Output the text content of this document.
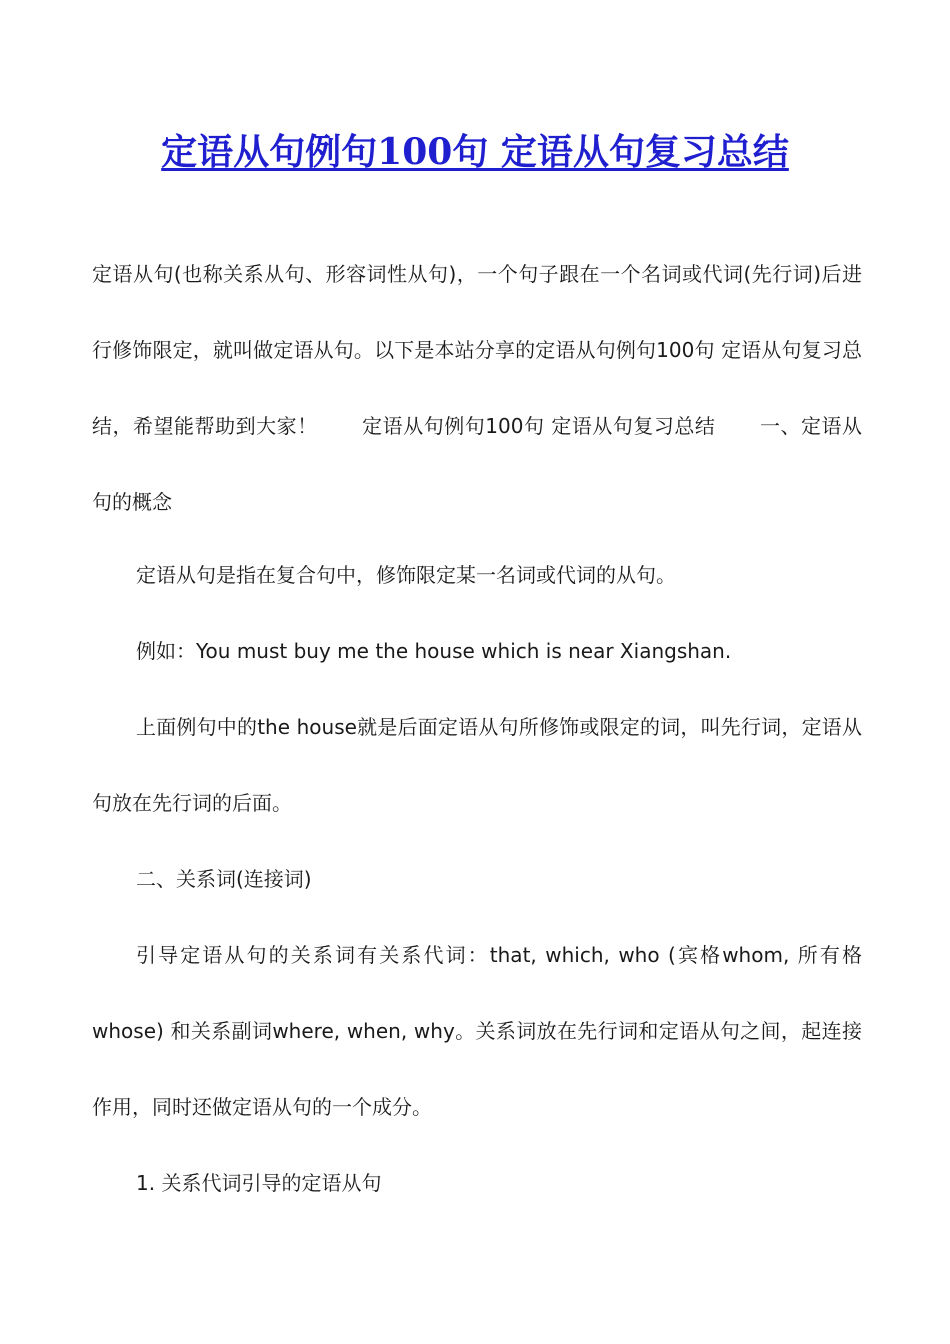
定语从句例句100句 定语从句复习总结

定语从句(也称关系从句、形容词性从句)，一个句子跟在一个名词或代词(先行词)后进行修饰限定，就叫做定语从句。以下是本站分享的定语从句例句100句 定语从句复习总结，希望能帮助到大家！ 定语从句例句100句 定语从句复习总结 一、定语从句的概念

定语从句是指在复合句中，修饰限定某一名词或代词的从句。

例如：You must buy me the house which is near Xiangshan.

上面例句中的the house就是后面定语从句所修饰或限定的词，叫先行词，定语从句放在先行词的后面。

二、关系词(连接词)

引导定语从句的关系词有关系代词：that, which, who (宾格whom, 所有格whose) 和关系副词where, when, why。关系词放在先行词和定语从句之间，起连接作用，同时还做定语从句的一个成分。

1. 关系代词引导的定语从句
